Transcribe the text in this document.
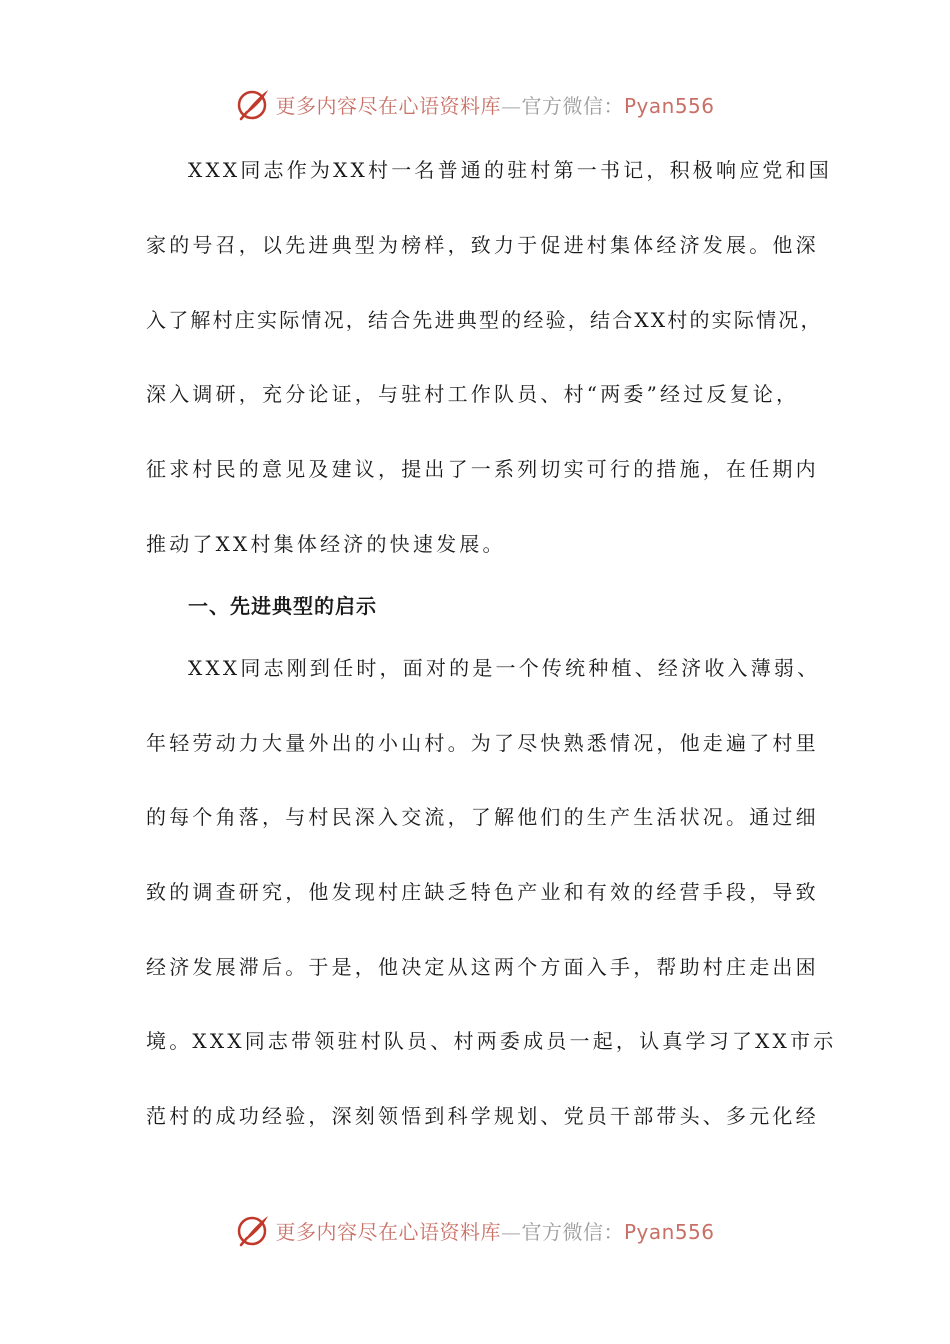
更多内容尽在心语资料库—官方微信：Pyan556
XXX同志作为XX村一名普通的驻村第一书记，积极响应党和国
家的号召，以先进典型为榜样，致力于促进村集体经济发展。他深
入了解村庄实际情况，结合先进典型的经验，结合XX村的实际情况，
深入调研，充分论证，与驻村工作队员、村“两委”经过反复论，
征求村民的意见及建议，提出了一系列切实可行的措施，在任期内
推动了XX村集体经济的快速发展。
一、先进典型的启示
XXX同志刚到任时，面对的是一个传统种植、经济收入薄弱、
年轻劳动力大量外出的小山村。为了尽快熟悉情况，他走遍了村里
的每个角落，与村民深入交流，了解他们的生产生活状况。通过细
致的调查研究，他发现村庄缺乏特色产业和有效的经营手段，导致
经济发展滞后。于是，他决定从这两个方面入手，帮助村庄走出困
境。XXX同志带领驻村队员、村两委成员一起，认真学习了XX市示
范村的成功经验，深刻领悟到科学规划、党员干部带头、多元化经
更多内容尽在心语资料库—官方微信：Pyan556
